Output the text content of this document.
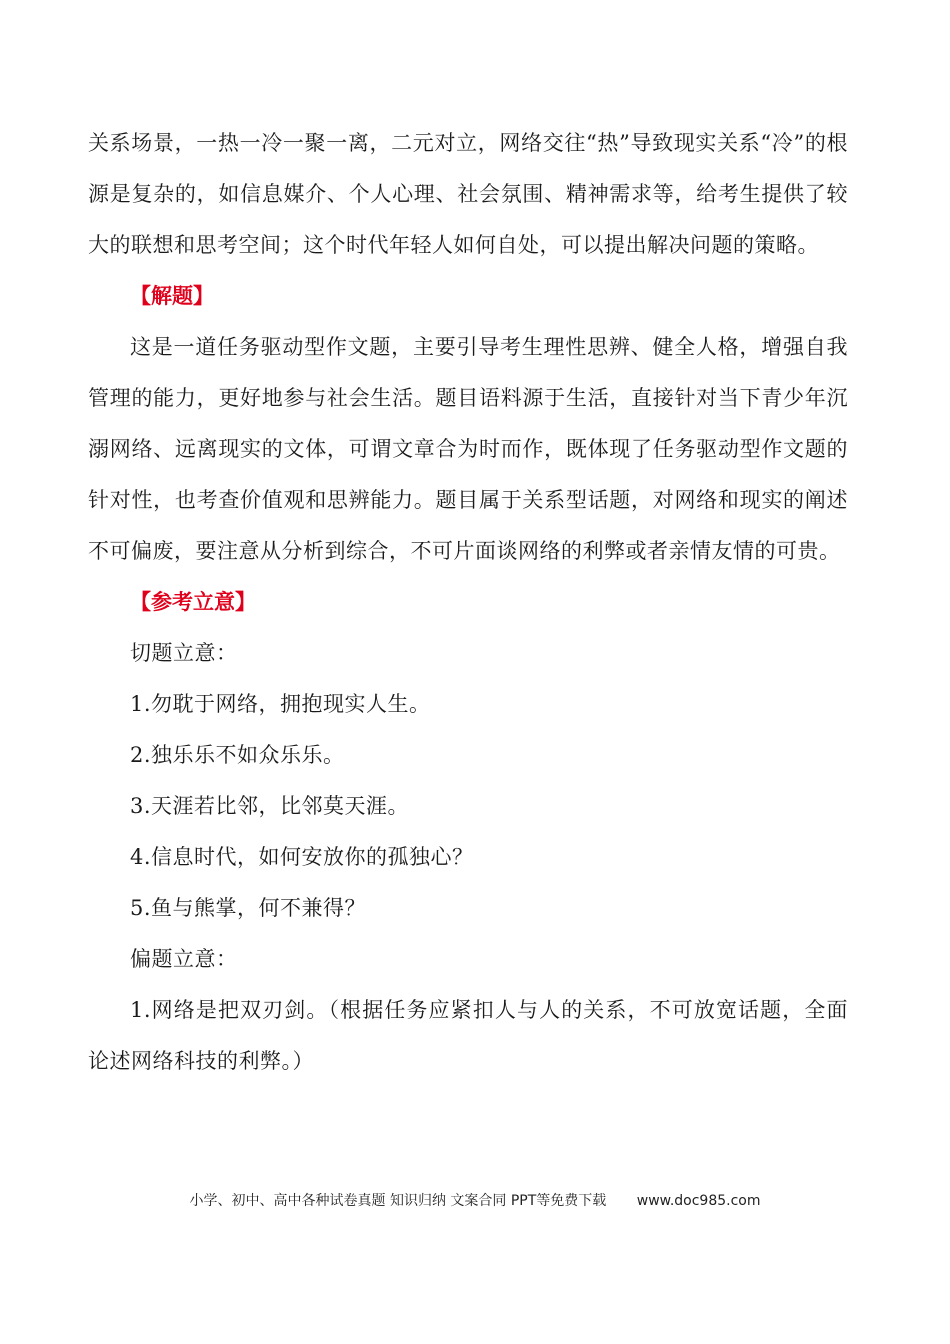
关系场景，一热一冷一聚一离，二元对立，网络交往“热”导致现实关系“冷”的根源是复杂的，如信息媒介、个人心理、社会氛围、精神需求等，给考生提供了较大的联想和思考空间；这个时代年轻人如何自处，可以提出解决问题的策略。

【解题】

这是一道任务驱动型作文题，主要引导考生理性思辨、健全人格，增强自我管理的能力，更好地参与社会生活。题目语料源于生活，直接针对当下青少年沉溺网络、远离现实的文体，可谓文章合为时而作，既体现了任务驱动型作文题的针对性，也考查价值观和思辨能力。题目属于关系型话题，对网络和现实的阐述不可偏废，要注意从分析到综合，不可片面谈网络的利弊或者亲情友情的可贵。

【参考立意】

切题立意：

1.勿耽于网络，拥抱现实人生。

2.独乐乐不如众乐乐。

3.天涯若比邻，比邻莫天涯。

4.信息时代，如何安放你的孤独心？

5.鱼与熊掌，何不兼得？

偏题立意：

1.网络是把双刃剑。（根据任务应紧扣人与人的关系，不可放宽话题，全面论述网络科技的利弊。）

小学、初中、高中各种试卷真题 知识归纳 文案合同 PPT等免费下载 www.doc985.com
